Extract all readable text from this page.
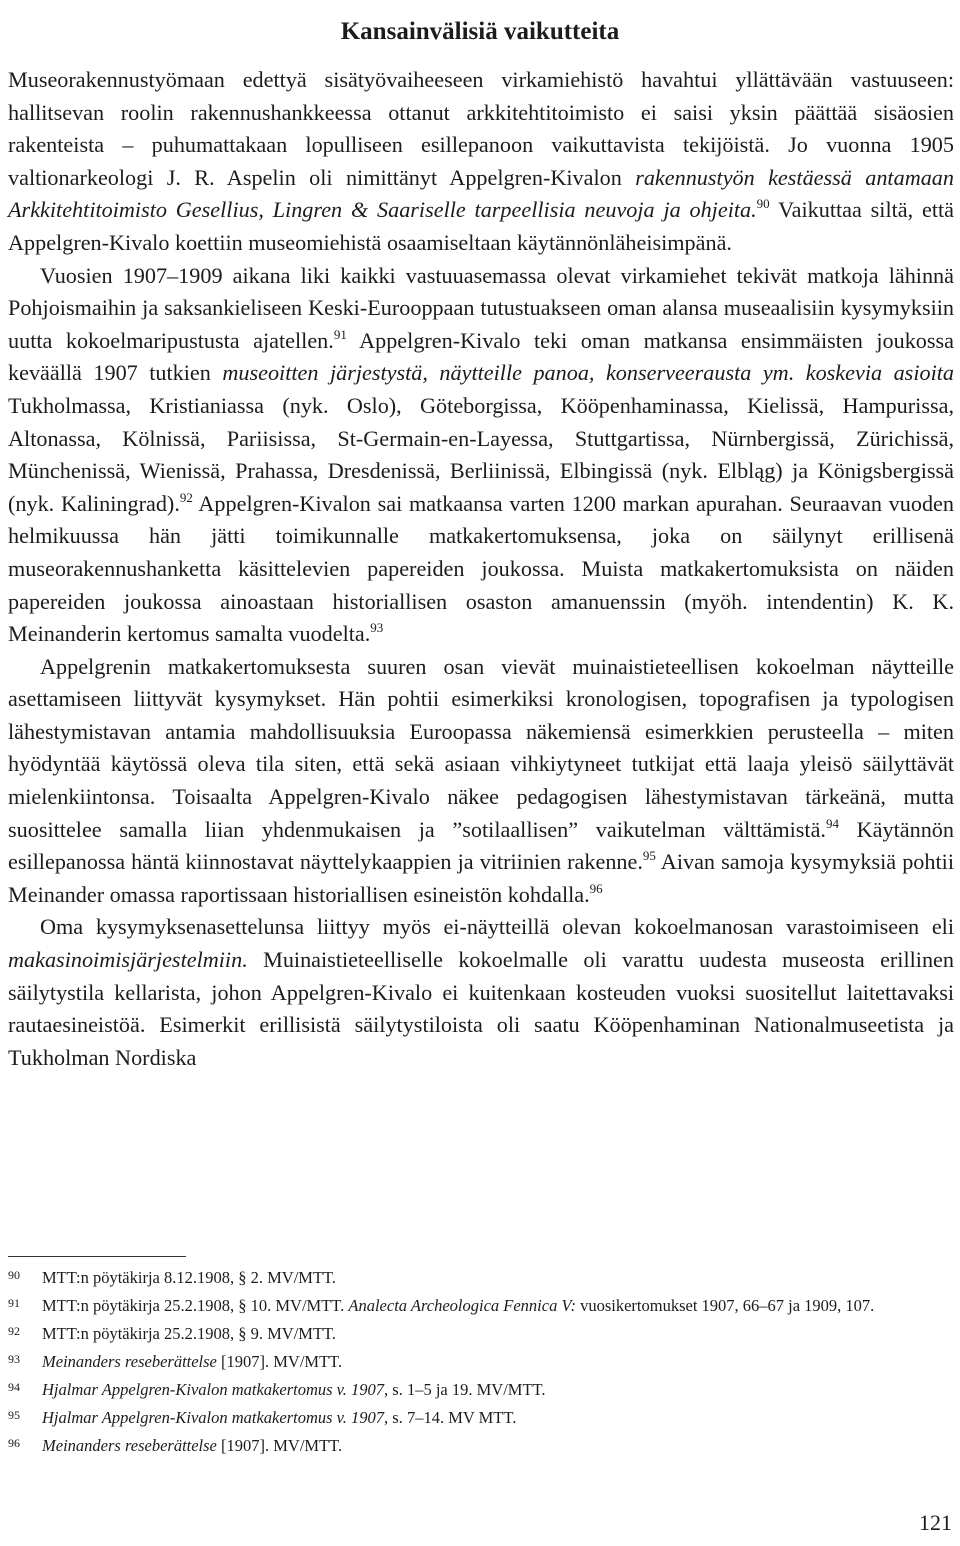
Kansainvälisiä vaikutteita

Museorakennustyömaan edettyä sisätyövaiheeseen virkamiehistö havahtui yllättävään vastuuseen: hallitsevan roolin rakennushankkeessa ottanut arkkitehtitoimisto ei saisi yksin päättää sisäosien rakenteista – puhumattakaan lopulliseen esillepanoon vaikuttavista tekijöistä. Jo vuonna 1905 valtionarkeologi J. R. Aspelin oli nimittänyt Appelgren-Kivalon rakennustyön kestäessä antamaan Arkkitehtitoimisto Gesellius, Lingren & Saariselle tarpeellisia neuvoja ja ohjeita.$^{90}$ Vaikuttaa siltä, että Appelgren-Kivalo koettiin museomiehistä osaamiseltaan käytännönläheisimpänä.

Vuosien 1907–1909 aikana liki kaikki vastuuasemassa olevat virkamiehet tekivät matkoja lähinnä Pohjoismaihin ja saksankieliseen Keski-Eurooppaan tutustuakseen oman alansa museaalisiin kysymyksiin uutta kokoelmaripustusta ajatellen.$^{91}$ Appelgren-Kivalo teki oman matkansa ensimmäisten joukossa keväällä 1907 tutkien museoitten järjestystä, näytteille panoa, konserveerausta ym. koskevia asioita Tukholmassa, Kristianiassa (nyk. Oslo), Göteborgissa, Kööpenhaminassa, Kielissä, Hampurissa, Altonassa, Kölnissä, Pariisissa, St-Germain-en-Layessa, Stuttgartissa, Nürnbergissä, Zürichissä, Münchenissä, Wienissä, Prahassa, Dresdenissä, Berliinissä, Elbingissä (nyk. Elbląg) ja Königsbergissä (nyk. Kaliningrad).$^{92}$ Appelgren-Kivalon sai matkaansa varten 1200 markan apurahan. Seuraavan vuoden helmikuussa hän jätti toimikunnalle matkakertomuksensa, joka on säilynyt erillisenä museorakennushanketta käsittelevien papereiden joukossa. Muista matkakertomuksista on näiden papereiden joukossa ainoastaan historiallisen osaston amanuenssin (myöh. intendentin) K. K. Meinanderin kertomus samalta vuodelta.$^{93}$

Appelgrenin matkakertomuksesta suuren osan vievät muinaistieteellisen kokoelman näytteille asettamiseen liittyvät kysymykset. Hän pohtii esimerkiksi kronologisen, topografisen ja typologisen lähestymistavan antamia mahdollisuuksia Euroopassa näkemiensä esimerkkien perusteella – miten hyödyntää käytössä oleva tila siten, että sekä asiaan vihkiytyneet tutkijat että laaja yleisö säilyttävät mielenkiintonsa. Toisaalta Appelgren-Kivalo näkee pedagogisen lähestymistavan tärkeänä, mutta suosittelee samalla liian yhdenmukaisen ja ”sotilaallisen” vaikutelman välttämistä.$^{94}$ Käytännön esillepanossa häntä kiinnostavat näyttelykaappien ja vitriinien rakenne.$^{95}$ Aivan samoja kysymyksiä pohtii Meinander omassa raportissaan historiallisen esineistön kohdalla.$^{96}$

Oma kysymyksenasettelunsa liittyy myös ei-näytteillä olevan kokoelmanosan varastoimiseen eli makasinoimisjärjestelmiin. Muinaistieteelliselle kokoelmalle oli varattu uudesta museosta erillinen säilytystila kellarista, johon Appelgren-Kivalo ei kuitenkaan kosteuden vuoksi suositellut laitettavaksi rautaesineistöä. Esimerkit erillisistä säilytystiloista oli saatu Kööpenhaminan Nationalmuseetista ja Tukholman Nordiska

90	MTT:n pöytäkirja 8.12.1908, § 2. MV/MTT.
91	MTT:n pöytäkirja 25.2.1908, § 10. MV/MTT. Analecta Archeologica Fennica V: vuosikertomukset 1907, 66–67 ja 1909, 107.
92	MTT:n pöytäkirja 25.2.1908, § 9. MV/MTT.
93	Meinanders reseberättelse [1907]. MV/MTT.
94	Hjalmar Appelgren-Kivalon matkakertomus v. 1907, s. 1–5 ja 19. MV/MTT.
95	Hjalmar Appelgren-Kivalon matkakertomus v. 1907, s. 7–14. MV MTT.
96	Meinanders reseberättelse [1907]. MV/MTT.
121
